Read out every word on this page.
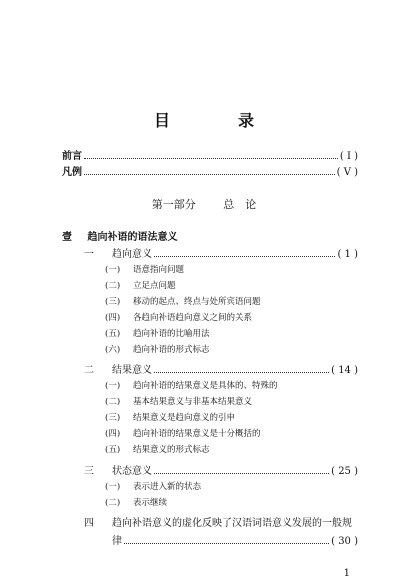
目　录
前言	( I )
凡例	( V )
第一部分	总　论
壹 趋向补语的语法意义
一	趋向意义	( 1 )
(一) 语意指向问题
(二) 立足点问题
(三) 移动的起点、终点与处所宾语问题
(四) 各趋向补语趋向意义之间的关系
(五) 趋向补语的比喻用法
(六) 趋向补语的形式标志
二	结果意义	( 14 )
(一) 趋向补语的结果意义是具体的、特殊的
(二) 基本结果意义与非基本结果意义
(三) 结果意义是趋向意义的引申
(四) 趋向补语的结果意义是十分概括的
(五) 结果意义的形式标志
三	状态意义	( 25 )
(一) 表示进入新的状态
(二) 表示继续
四 趋向补语意义的虚化反映了汉语词语意义发展的一般规
律	( 30 )
1
